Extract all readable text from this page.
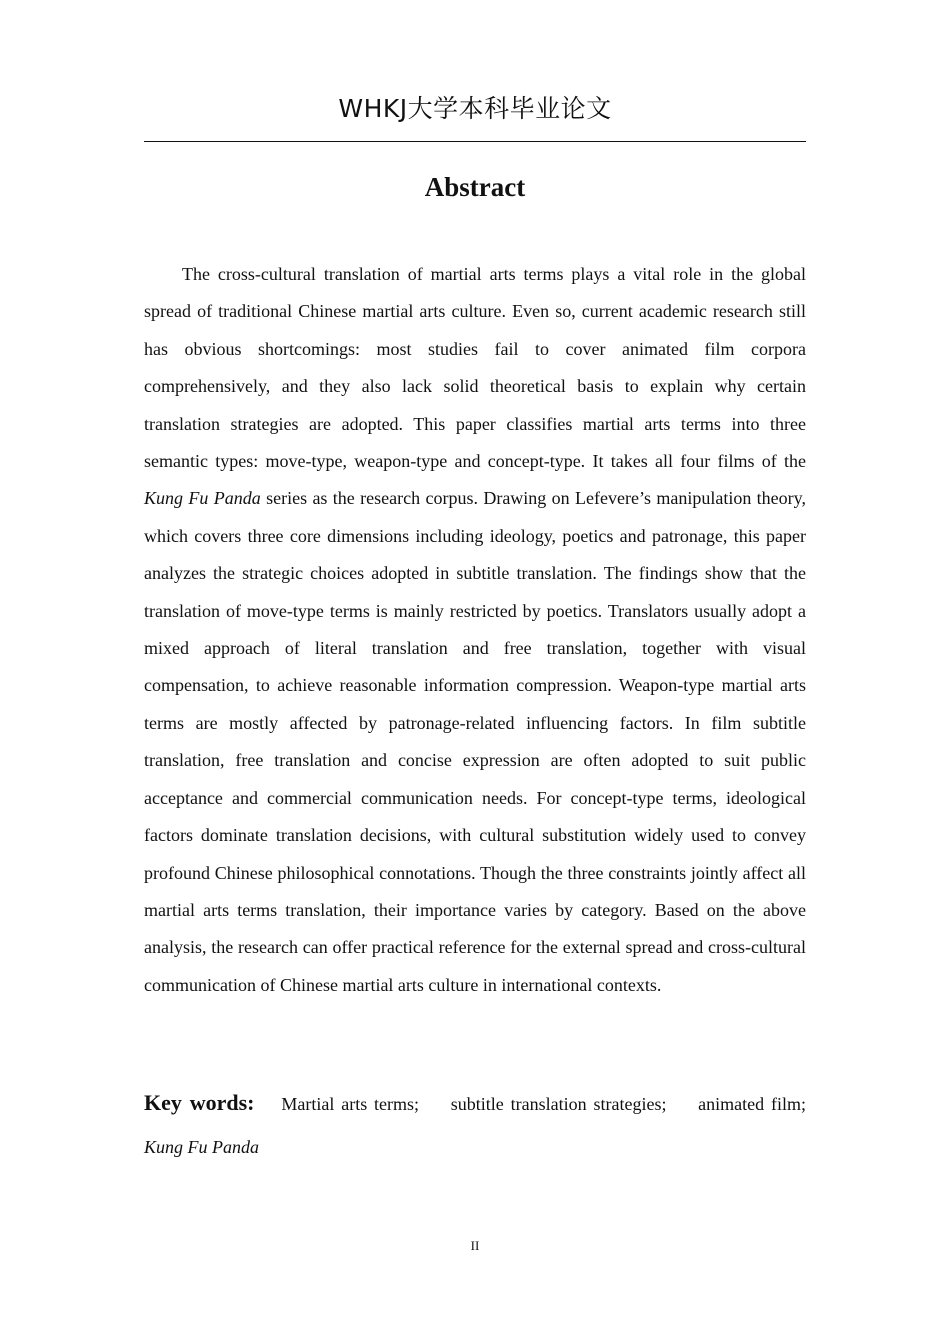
WHKJ大学本科毕业论文
Abstract

The cross-cultural translation of martial arts terms plays a vital role in the global spread of traditional Chinese martial arts culture. Even so, current academic research still has obvious shortcomings: most studies fail to cover animated film corpora comprehensively, and they also lack solid theoretical basis to explain why certain translation strategies are adopted. This paper classifies martial arts terms into three semantic types: move-type, weapon-type and concept-type. It takes all four films of the Kung Fu Panda series as the research corpus. Drawing on Lefevere’s manipulation theory, which covers three core dimensions including ideology, poetics and patronage, this paper analyzes the strategic choices adopted in subtitle translation. The findings show that the translation of move-type terms is mainly restricted by poetics. Translators usually adopt a mixed approach of literal translation and free translation, together with visual compensation, to achieve reasonable information compression. Weapon-type martial arts terms are mostly affected by patronage-related influencing factors. In film subtitle translation, free translation and concise expression are often adopted to suit public acceptance and commercial communication needs. For concept-type terms, ideological factors dominate translation decisions, with cultural substitution widely used to convey profound Chinese philosophical connotations. Though the three constraints jointly affect all martial arts terms translation, their importance varies by category. Based on the above analysis, the research can offer practical reference for the external spread and cross-cultural communication of Chinese martial arts culture in international contexts.

Key words: Martial arts terms; subtitle translation strategies; animated film; Kung Fu Panda

II
